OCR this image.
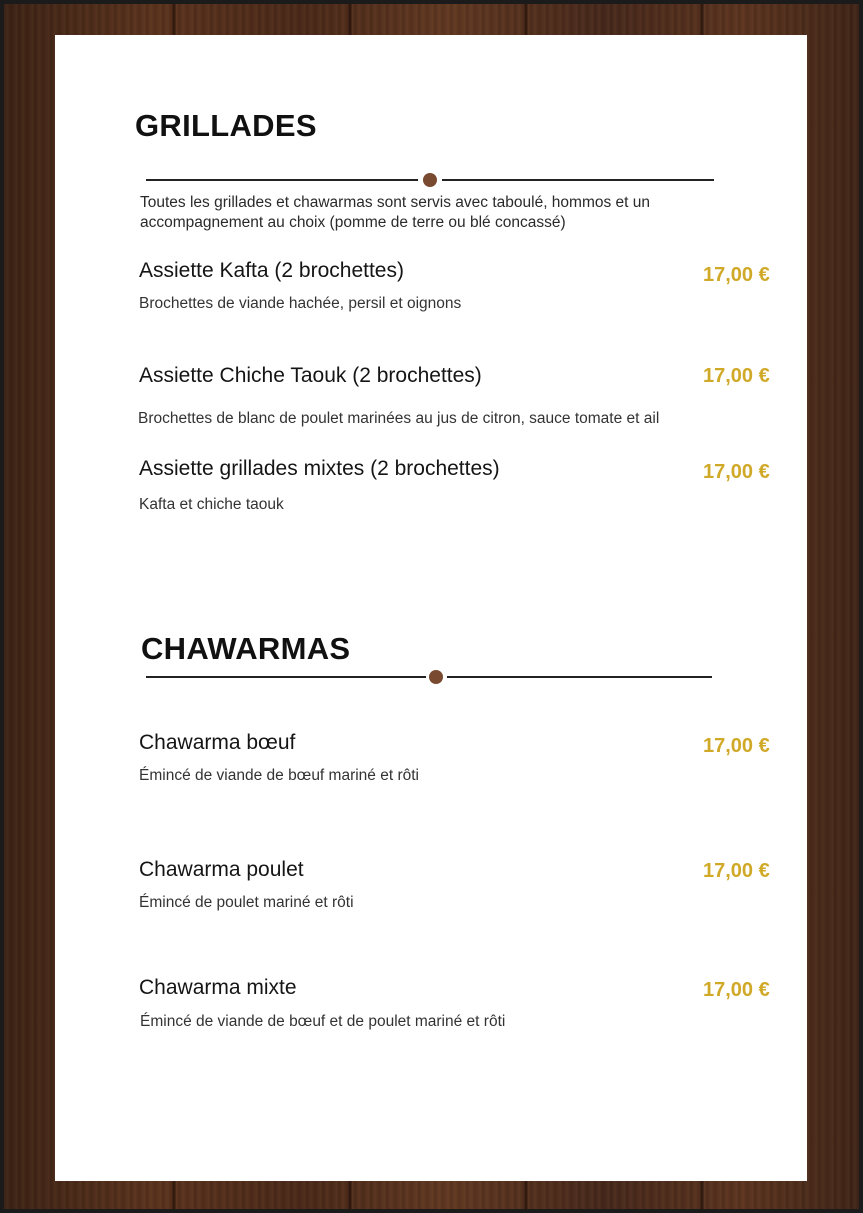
GRILLADES

Toutes les grillades et chawarmas sont servis avec taboulé, hommos et un accompagnement au choix (pomme de terre ou blé concassé)

Assiette Kafta (2 brochettes)	17,00 €

Brochettes de viande hachée, persil et oignons

Assiette Chiche Taouk (2 brochettes)	17,00 €

Brochettes de blanc de poulet marinées au jus de citron, sauce tomate et ail

Assiette grillades mixtes (2 brochettes)	17,00 €

Kafta et chiche taouk

CHAWARMAS

Chawarma bœuf	17,00 €

Émincé de viande de bœuf mariné et rôti

Chawarma poulet	17,00 €

Émincé de poulet mariné et rôti

Chawarma mixte	17,00 €

Émincé de viande de bœuf et de poulet mariné et rôti
